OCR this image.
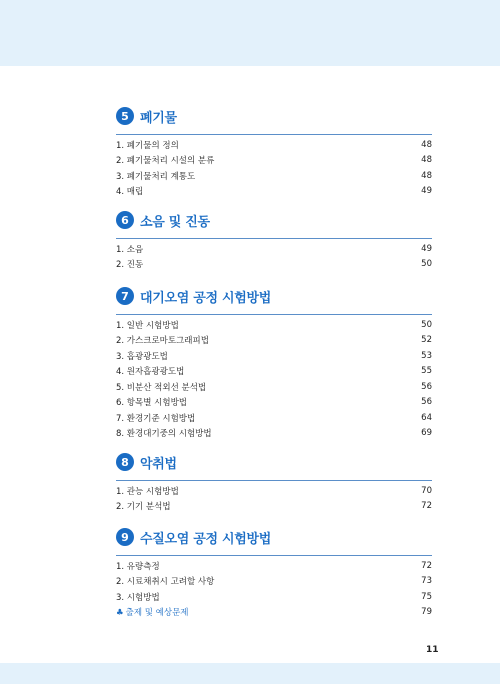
5 폐기물
1. 폐기물의 정의	48
2. 폐기물처리 시설의 분류	48
3. 폐기물처리 계통도	48
4. 매립	49
6 소음 및 진동
1. 소음	49
2. 진동	50
7 대기오염 공정 시험방법
1. 일반 시험방법	50
2. 가스크로마토그래피법	52
3. 흡광광도법	53
4. 원자흡광광도법	55
5. 비분산 적외선 분석법	56
6. 항목별 시험방법	56
7. 환경기준 시험방법	64
8. 환경대기중의 시험방법	69
8 악취법
1. 관능 시험방법	70
2. 기기 분석법	72
9 수질오염 공정 시험방법
1. 유량측정	72
2. 시료채취시 고려할 사항	73
3. 시험방법	75
♣ 출제 및 예상문제	79
11
